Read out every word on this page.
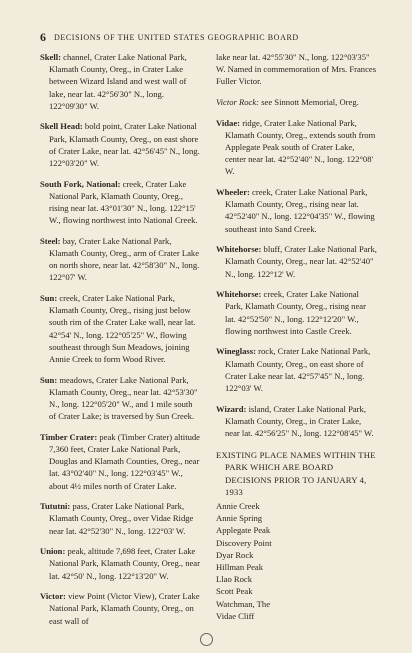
6 DECISIONS OF THE UNITED STATES GEOGRAPHIC BOARD

Skell: channel, Crater Lake National Park, Klamath County, Oreg., in Crater Lake between Wizard Island and west wall of lake, near lat. 42°56'30" N., long. 122°09'30" W.

Skell Head: bold point, Crater Lake National Park, Klamath County, Oreg., on east shore of Crater Lake, near lat. 42°56'45" N., long. 122°03'20" W.

South Fork, National: creek, Crater Lake National Park, Klamath County, Oreg., rising near lat. 43°01'30" N., long. 122°15' W., flowing northwest into National Creek.

Steel: bay, Crater Lake National Park, Klamath County, Oreg., arm of Crater Lake on north shore, near lat. 42°58'30" N., long. 122°07' W.

Sun: creek, Crater Lake National Park, Klamath County, Oreg., rising just below south rim of the Crater Lake wall, near lat. 42°54' N., long. 122°05'25" W., flowing southeast through Sun Meadows, joining Annie Creek to form Wood River.

Sun: meadows, Crater Lake National Park, Klamath County, Oreg., near lat. 42°53'30" N., long. 122°05'20" W., and 1 mile south of Crater Lake; is traversed by Sun Creek.

Timber Crater: peak (Timber Crater) altitude 7,360 feet, Crater Lake National Park, Douglas and Klamath Counties, Oreg., near lat. 43°02'40" N., long. 122°03'45" W., about 4½ miles north of Crater Lake.

Tututni: pass, Crater Lake National Park, Klamath County, Oreg., over Vidae Ridge near lat. 42°52'30" N., long. 122°03' W.

Union: peak, altitude 7,698 feet, Crater Lake National Park, Klamath County, Oreg., near lat. 42°50' N., long. 122°13'20" W.

Victor: view Point (Victor View), Crater Lake National Park, Klamath County, Oreg., on east wall of

lake near lat. 42°55'30" N., long. 122°03'35" W. Named in commemoration of Mrs. Frances Fuller Victor.

Victor Rock: see Sinnott Memorial, Oreg.

Vidae: ridge, Crater Lake National Park, Klamath County, Oreg., extends south from Applegate Peak south of Crater Lake, center near lat. 42°52'40" N., long. 122°08' W.

Wheeler: creek, Crater Lake National Park, Klamath County, Oreg., rising near lat. 42°52'40" N., long. 122°04'35" W., flowing southeast into Sand Creek.

Whitehorse: bluff, Crater Lake National Park, Klamath County, Oreg., near lat. 42°52'40" N., long. 122°12' W.

Whitehorse: creek, Crater Lake National Park, Klamath County, Oreg., rising near lat. 42°52'50" N., long. 122°12'20" W., flowing northwest into Castle Creek.

Wineglass: rock, Crater Lake National Park, Klamath County, Oreg., on east shore of Crater Lake near lat. 42°57'45" N., long. 122°03' W.

Wizard: island, Crater Lake National Park, Klamath County, Oreg., in Crater Lake, near lat. 42°56'25" N., long. 122°08'45" W.

EXISTING PLACE NAMES WITHIN THE PARK WHICH ARE BOARD DECISIONS PRIOR TO JANUARY 4, 1933
Annie Creek
Annie Spring
Applegate Peak
Discovery Point
Dyar Rock
Hillman Peak
Llao Rock
Scott Peak
Watchman, The
Vidae Cliff
